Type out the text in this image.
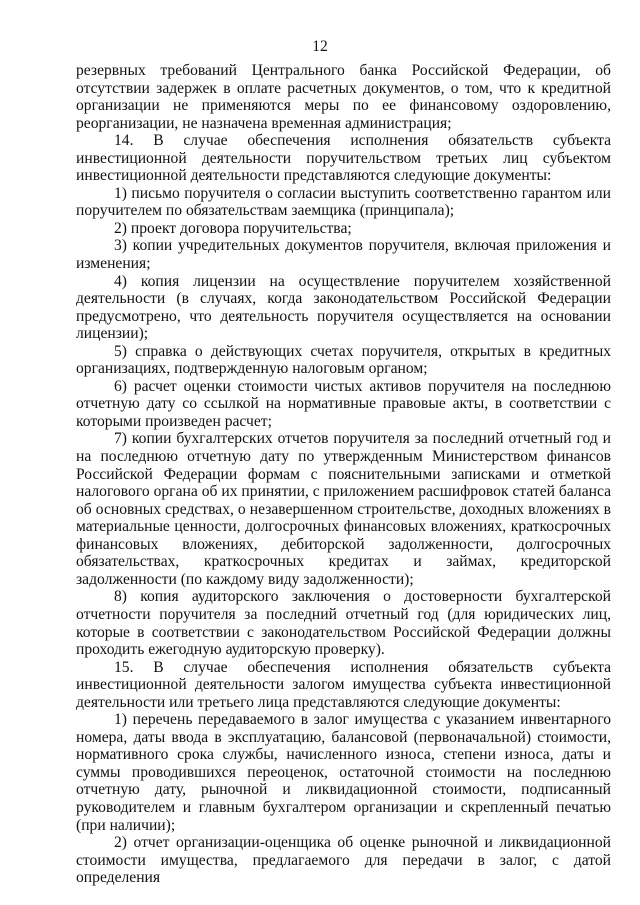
12

резервных требований Центрального банка Российской Федерации, об отсутствии задержек в оплате расчетных документов, о том, что к кредитной организации не применяются меры по ее финансовому оздоровлению, реорганизации, не назначена временная администрация;

14. В случае обеспечения исполнения обязательств субъекта инвестиционной деятельности поручительством третьих лиц субъектом инвестиционной деятельности представляются следующие документы:

1) письмо поручителя о согласии выступить соответственно гарантом или поручителем по обязательствам заемщика (принципала);

2) проект договора поручительства;

3) копии учредительных документов поручителя, включая приложения и изменения;

4) копия лицензии на осуществление поручителем хозяйственной деятельности (в случаях, когда законодательством Российской Федерации предусмотрено, что деятельность поручителя осуществляется на основании лицензии);

5) справка о действующих счетах поручителя, открытых в кредитных организациях, подтвержденную налоговым органом;

6) расчет оценки стоимости чистых активов поручителя на последнюю отчетную дату со ссылкой на нормативные правовые акты, в соответствии с которыми произведен расчет;

7) копии бухгалтерских отчетов поручителя за последний отчетный год и на последнюю отчетную дату по утвержденным Министерством финансов Российской Федерации формам с пояснительными записками и отметкой налогового органа об их принятии, с приложением расшифровок статей баланса об основных средствах, о незавершенном строительстве, доходных вложениях в материальные ценности, долгосрочных финансовых вложениях, краткосрочных финансовых вложениях, дебиторской задолженности, долгосрочных обязательствах, краткосрочных кредитах и займах, кредиторской задолженности (по каждому виду задолженности);

8) копия аудиторского заключения о достоверности бухгалтерской отчетности поручителя за последний отчетный год (для юридических лиц, которые в соответствии с законодательством Российской Федерации должны проходить ежегодную аудиторскую проверку).

15. В случае обеспечения исполнения обязательств субъекта инвестиционной деятельности залогом имущества субъекта инвестиционной деятельности или третьего лица представляются следующие документы:

1) перечень передаваемого в залог имущества с указанием инвентарного номера, даты ввода в эксплуатацию, балансовой (первоначальной) стоимости, нормативного срока службы, начисленного износа, степени износа, даты и суммы проводившихся переоценок, остаточной стоимости на последнюю отчетную дату, рыночной и ликвидационной стоимости, подписанный руководителем и главным бухгалтером организации и скрепленный печатью (при наличии);

2) отчет организации-оценщика об оценке рыночной и ликвидационной стоимости имущества, предлагаемого для передачи в залог, с датой определения
